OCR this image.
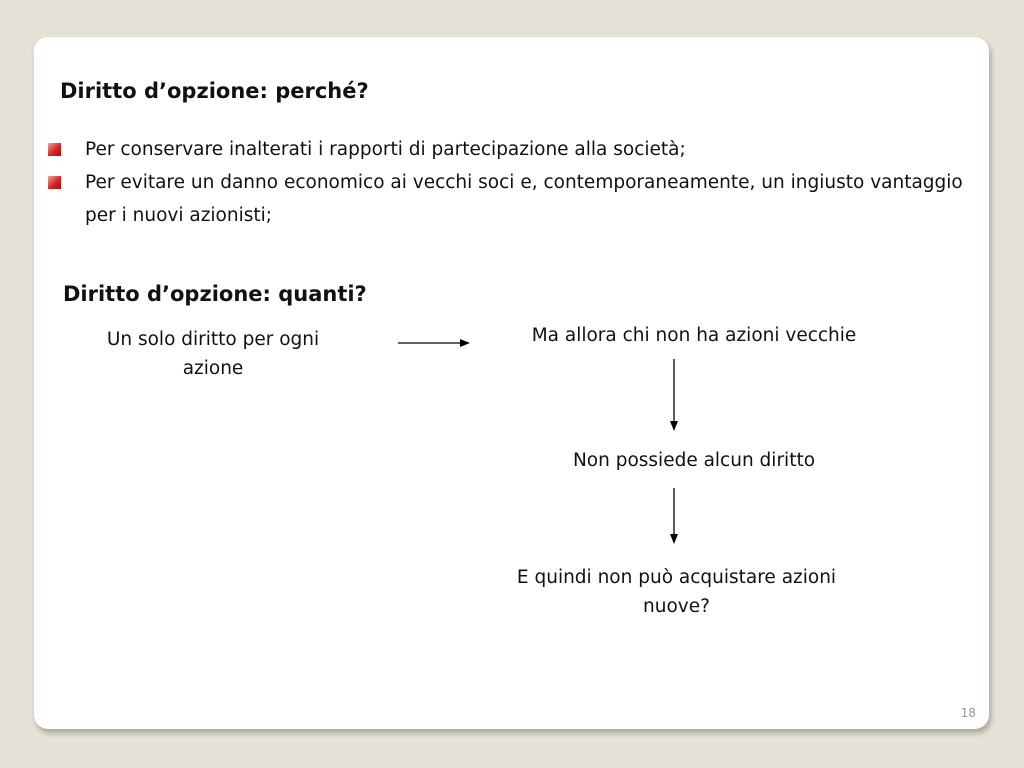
Diritto d’opzione: perché?
Per conservare inalterati i rapporti di partecipazione alla società;
Per evitare un danno economico ai vecchi soci e, contemporaneamente, un ingiusto vantaggio per i nuovi azionisti;
Diritto d’opzione: quanti?
Un solo diritto per ogni azione
Ma allora chi non ha azioni vecchie
Non possiede alcun diritto
E quindi non può acquistare azioni nuove?
18
